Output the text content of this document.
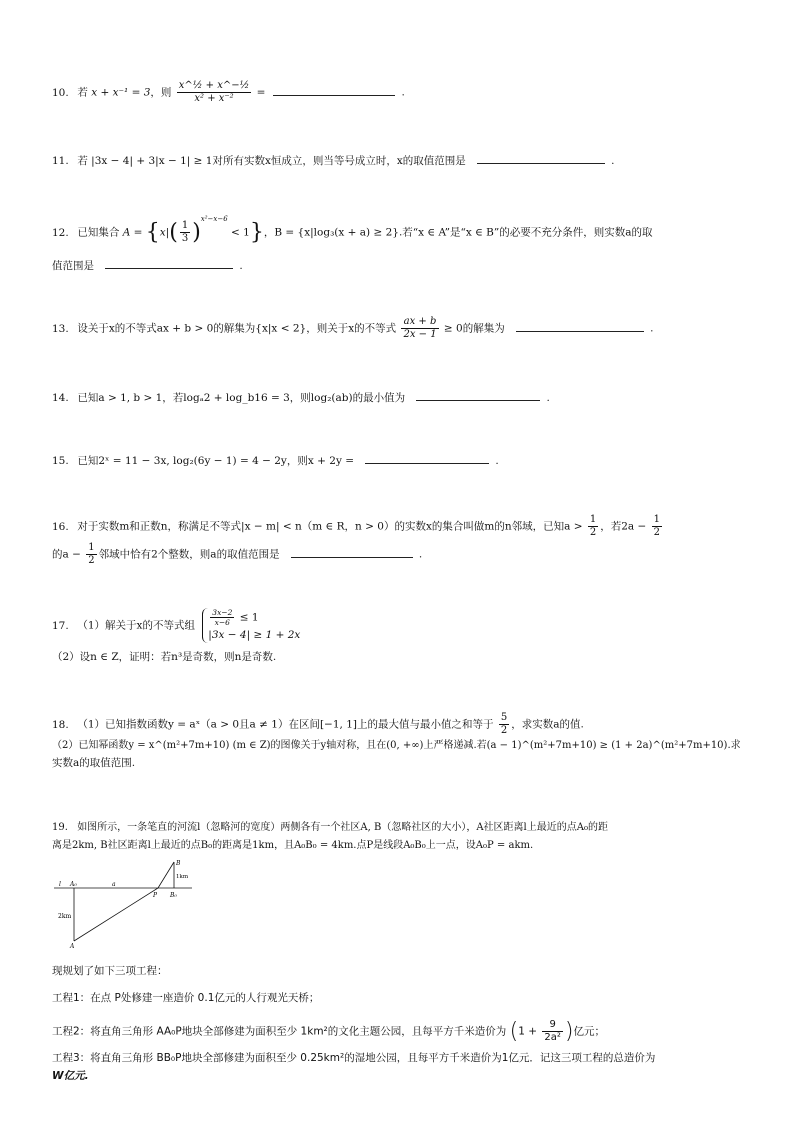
10. 若 x + x⁻¹ = 3，则 $\frac{\text{x\textasciicircum{}½ + x\textasciicircum{}−½}}{\text{x² + x⁻²}}$ =	.
11. 若 |3x − 4| + 3|x − 1| ≥ 1对所有实数x恒成立，则当等号成立时，x的取值范围是	.
12. 已知集合 $A = \{x|( \frac{1}{3} )^{x^2-x-6} < 1\}$，B = {x|log₃(x + a) ≥ 2}.若“x ∈ A”是“x ∈ B”的必要不充分条件，则实数a的取
值范围是	.
13. 设关于x的不等式ax + b > 0的解集为{x|x < 2}，则关于x的不等式 $\frac{ax + b}{2x - 1} \ge 0$的解集为	.
14. 已知a > 1, b > 1，若logₐ2 + log_b16 = 3，则log₂(ab)的最小值为	.
15. 已知2ˣ = 11 − 3x, log₂(6y − 1) = 4 − 2y，则x + 2y =	.
16. 对于实数m和正数n，称满足不等式|x − m| < n（m ∈ R，n > 0）的实数x的集合叫做m的n邻域，已知$a > \frac{1}{2}$ ，若$2a - \frac{1}{2}$
的$a - \frac{1}{2}$ 邻域中恰有2个整数，则a的取值范围是	.
17. （1）解关于x的不等式组 $\frac{3x-2}{x-6} \le 1$
|3x − 4| ≥ 1 + 2x
（2）设n ∈ Z，证明：若n³是奇数，则n是奇数.
18. （1）已知指数函数y = aˣ（a > 0且a ≠ 1）在区间[−1, 1]上的最大值与最小值之和等于 $\frac{5}{2}$ ，求实数a的值.
（2）已知幂函数y = x^(m²+7m+10) (m ∈ Z)的图像关于y轴对称，且在(0, +∞)上严格递减.若(a − 1)^(m²+7m+10) ≥ (1 + 2a)^(m²+7m+10).求
实数a的取值范围.
19. 如图所示，一条笔直的河流l（忽略河的宽度）两侧各有一个社区A, B（忽略社区的大小），A社区距离l上最近的点A₀的距
离是2km, B社区距离l上最近的点B₀的距离是1km，且A₀B₀ = 4km.点P是线段A₀B₀上一点，设A₀P = akm.
l A₀	a
2km
A
P
B
1km
B₀
现规划了如下三项工程：
工程1：在点 P处修建一座造价 0.1亿元的人行观光天桥；
工程2：将直角三角形 AA₀P地块全部修建为面积至少 1km²的文化主题公园，且每平方千米造价为 ($1 + \frac{9}{\text{2a²}}$ )亿元；
工程3：将直角三角形 BB₀P地块全部修建为面积至少 0.25km²的湿地公园，且每平方千米造价为1亿元．记这三项工程的总造价为
W亿元.
